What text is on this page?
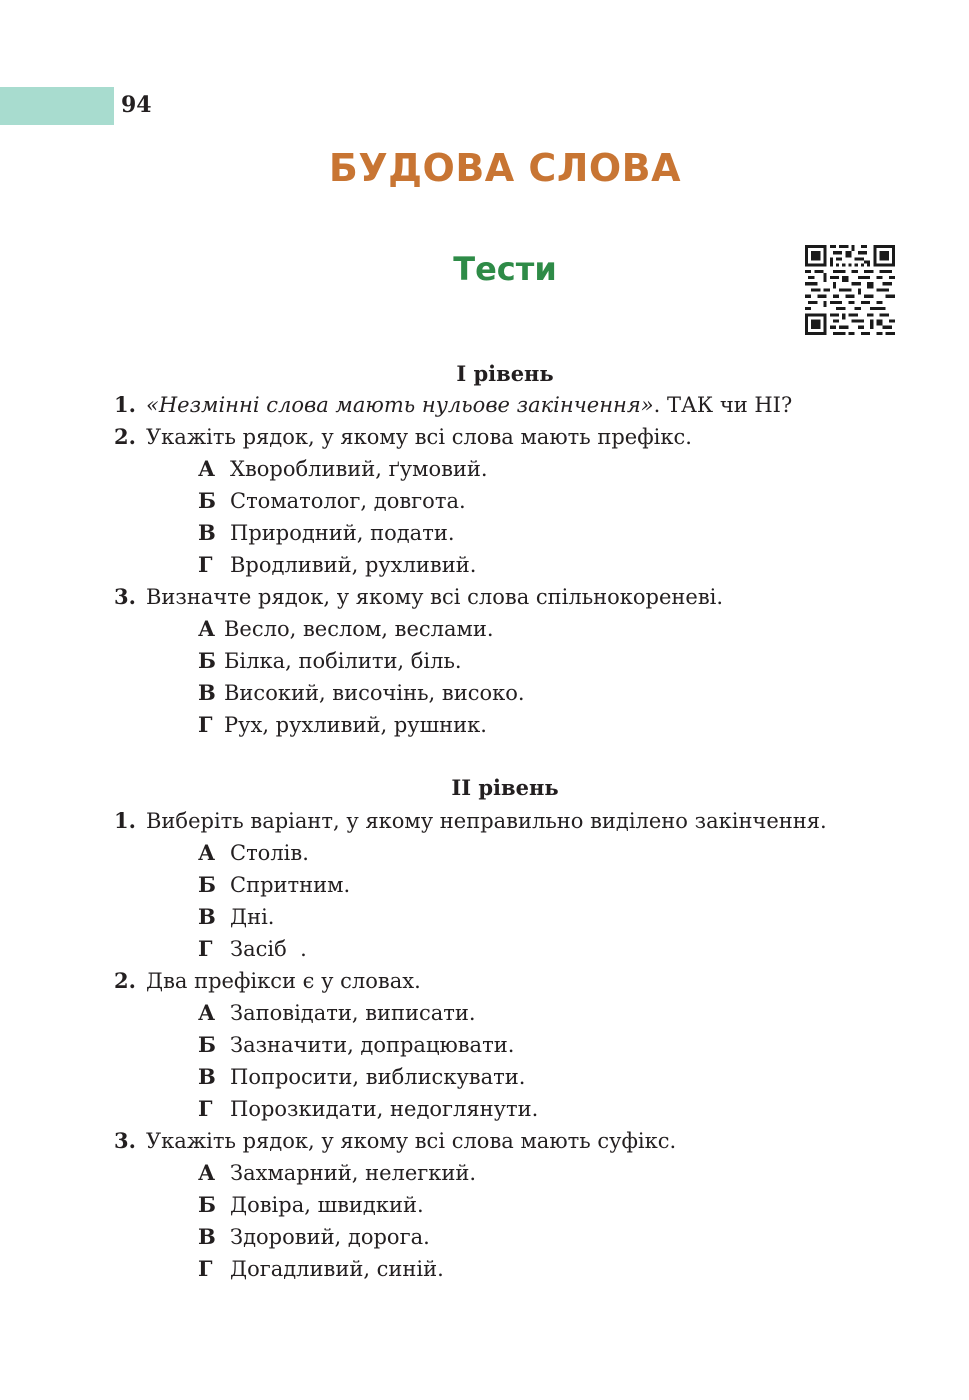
94
БУДОВА СЛОВА
Тести
І рівень
1. «Незмінні слова мають нульове закінчення». ТАК чи НІ?
2. Укажіть рядок, у якому всі слова мають префікс.
А Хворобливий, ґумовий.
Б Стоматолог, довгота.
В Природний, подати.
Г Вродливий, рухливий.
3. Визначте рядок, у якому всі слова спільнокореневі.
А Весло, веслом, веслами.
Б Білка, побілити, біль.
В Високий, височінь, високо.
Г Рух, рухливий, рушник.
ІІ рівень
1. Виберіть варіант, у якому неправильно виділено закінчення.
А Столів.
Б Спритним.
В Дні.
Г Засіб  .
2. Два префікси є у словах.
А Заповідати, виписати.
Б Зазначити, допрацювати.
В Попросити, виблискувати.
Г Порозкидати, недоглянути.
3. Укажіть рядок, у якому всі слова мають суфікс.
А Захмарний, нелегкий.
Б Довіра, швидкий.
В Здоровий, дорога.
Г Догадливий, синій.
